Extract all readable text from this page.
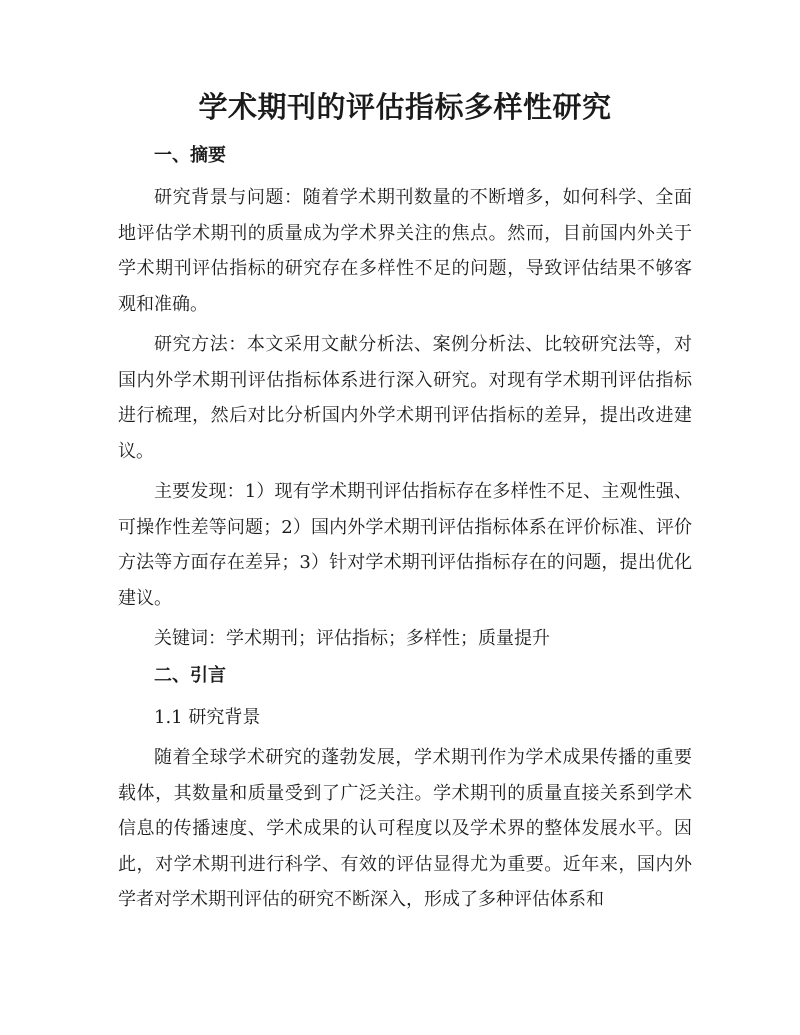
学术期刊的评估指标多样性研究
一、摘要

研究背景与问题：随着学术期刊数量的不断增多，如何科学、全面地评估学术期刊的质量成为学术界关注的焦点。然而，目前国内外关于学术期刊评估指标的研究存在多样性不足的问题，导致评估结果不够客观和准确。

研究方法：本文采用文献分析法、案例分析法、比较研究法等，对国内外学术期刊评估指标体系进行深入研究。对现有学术期刊评估指标进行梳理，然后对比分析国内外学术期刊评估指标的差异，提出改进建议。

主要发现：1）现有学术期刊评估指标存在多样性不足、主观性强、可操作性差等问题；2）国内外学术期刊评估指标体系在评价标准、评价方法等方面存在差异；3）针对学术期刊评估指标存在的问题，提出优化建议。

关键词：学术期刊；评估指标；多样性；质量提升
二、引言
1.1 研究背景

随着全球学术研究的蓬勃发展，学术期刊作为学术成果传播的重要载体，其数量和质量受到了广泛关注。学术期刊的质量直接关系到学术信息的传播速度、学术成果的认可程度以及学术界的整体发展水平。因此，对学术期刊进行科学、有效的评估显得尤为重要。近年来，国内外学者对学术期刊评估的研究不断深入，形成了多种评估体系和
